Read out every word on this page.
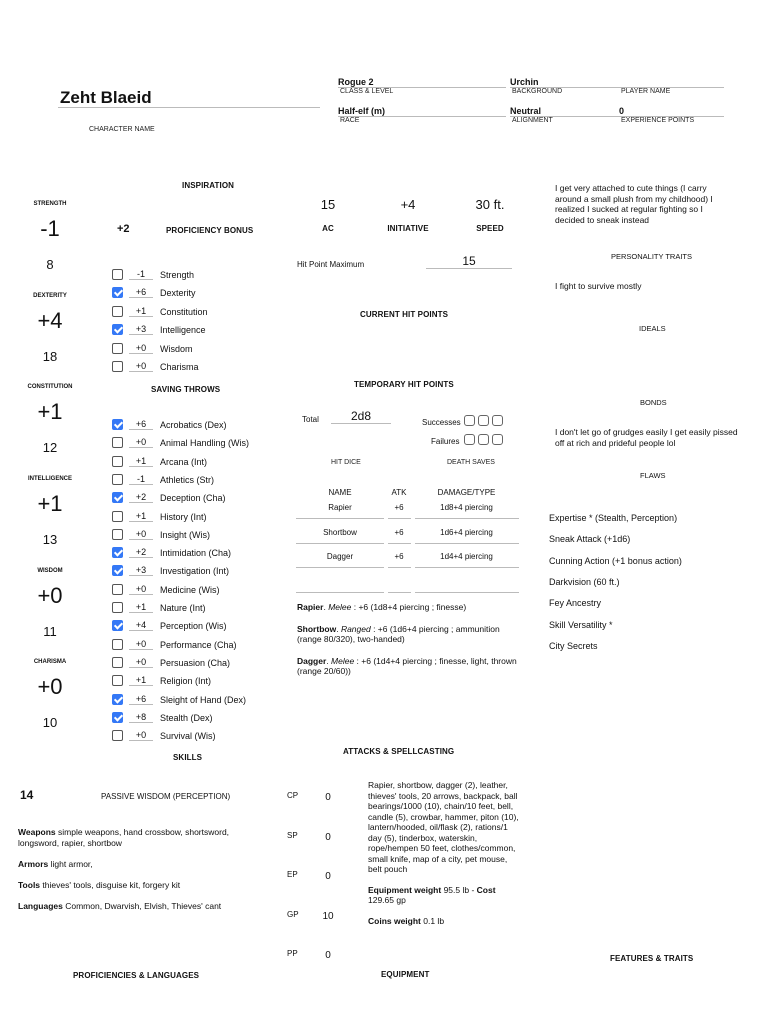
Zeht Blaeid
CHARACTER NAME
Rogue 2
CLASS & LEVEL
Urchin
BACKGROUND	PLAYER NAME
Half-elf (m)
RACE
Neutral
ALIGNMENT
0
EXPERIENCE POINTS
STRENGTH
-1
8
DEXTERITY
+4
18
CONSTITUTION
+1
12
INTELLIGENCE
+1
13
WISDOM
+0
11
CHARISMA
+0
10
INSPIRATION
+2	PROFICIENCY BONUS
-1	Strength
+6	Dexterity
+1	Constitution
+3	Intelligence
+0	Wisdom
+0	Charisma
SAVING THROWS
+6	Acrobatics (Dex)
+0	Animal Handling (Wis)
+1	Arcana (Int)
-1	Athletics (Str)
+2	Deception (Cha)
+1	History (Int)
+0	Insight (Wis)
+2	Intimidation (Cha)
+3	Investigation (Int)
+0	Medicine (Wis)
+1	Nature (Int)
+4	Perception (Wis)
+0	Performance (Cha)
+0	Persuasion (Cha)
+1	Religion (Int)
+6	Sleight of Hand (Dex)
+8	Stealth (Dex)
+0	Survival (Wis)
SKILLS
14	PASSIVE WISDOM (PERCEPTION)

Weapons simple weapons, hand crossbow, shortsword, longsword, rapier, shortbow

Armors light armor,

Tools thieves' tools, disguise kit, forgery kit

Languages Common, Dwarvish, Elvish, Thieves' cant

PROFICIENCIES & LANGUAGES
15
AC
+4
INITIATIVE
30 ft.
SPEED
Hit Point Maximum	15
CURRENT HIT POINTS
TEMPORARY HIT POINTS
Total	2d8
HIT DICE
Successes
Failures
DEATH SAVES
NAME	ATK	DAMAGE/TYPE
Rapier	+6	1d8+4 piercing
Shortbow	+6	1d6+4 piercing
Dagger	+6	1d4+4 piercing

Rapier. Melee : +6 (1d8+4 piercing ; finesse)

Shortbow. Ranged : +6 (1d6+4 piercing ; ammunition (range 80/320), two-handed)

Dagger. Melee : +6 (1d4+4 piercing ; finesse, light, thrown (range 20/60))

ATTACKS & SPELLCASTING
CP	0
SP	0
EP	0
GP	10
PP	0

Rapier, shortbow, dagger (2), leather, thieves' tools, 20 arrows, backpack, ball bearings/1000 (10), chain/10 feet, bell, candle (5), crowbar, hammer, piton (10), lantern/hooded, oil/flask (2), rations/1 day (5), tinderbox, waterskin, rope/hempen 50 feet, clothes/common, small knife, map of a city, pet mouse, belt pouch

Equipment weight 95.5 lb - Cost 129.65 gp

Coins weight 0.1 lb

EQUIPMENT
I get very attached to cute things (I carry around a small plush from my childhood) I realized I sucked at regular fighting so I decided to sneak instead
PERSONALITY TRAITS
I fight to survive mostly
IDEALS
BONDS
I don't let go of grudges easily I get easily pissed off at rich and prideful people lol
FLAWS
Expertise * (Stealth, Perception)
Sneak Attack (+1d6)
Cunning Action (+1 bonus action)
Darkvision (60 ft.)
Fey Ancestry
Skill Versatility *
City Secrets
FEATURES & TRAITS
